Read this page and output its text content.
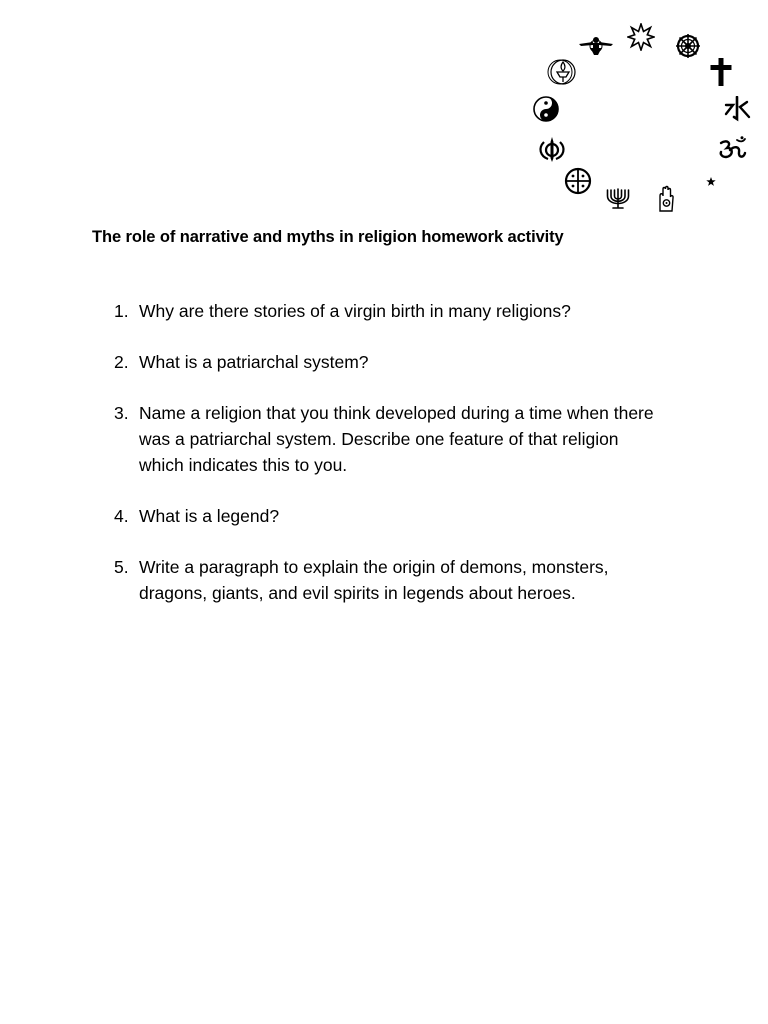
The role of narrative and myths in religion homework activity
1. Why are there stories of a virgin birth in many religions?
2. What is a patriarchal system?
3. Name a religion that you think developed during a time when there was a patriarchal system. Describe one feature of that religion which indicates this to you.
4. What is a legend?
5. Write a paragraph to explain the origin of demons, monsters, dragons, giants, and evil spirits in legends about heroes.
